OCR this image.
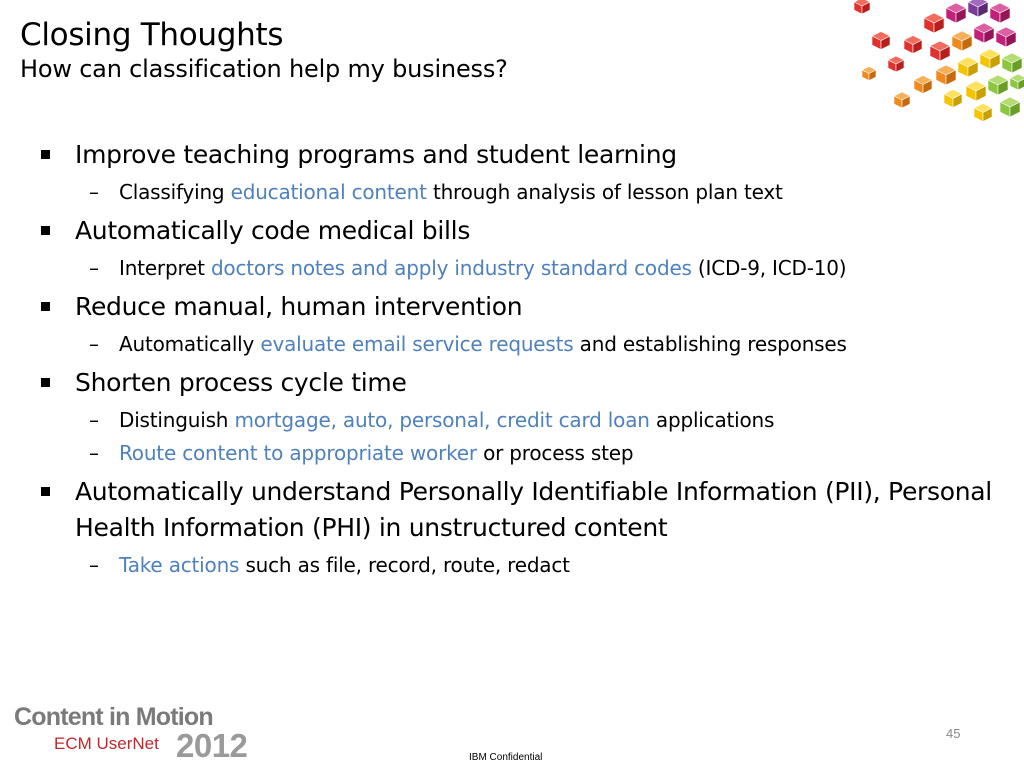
Closing Thoughts
How can classification help my business?
Improve teaching programs and student learning
– Classifying educational content through analysis of lesson plan text
Automatically code medical bills
– Interpret doctors notes and apply industry standard codes (ICD-9, ICD-10)
Reduce manual, human intervention
– Automatically evaluate email service requests and establishing responses
Shorten process cycle time
– Distinguish mortgage, auto, personal, credit card loan applications
– Route content to appropriate worker or process step
Automatically understand Personally Identifiable Information (PII), Personal Health Information (PHI) in unstructured content
– Take actions such as file, record, route, redact
Content in Motion
ECM UserNet 2012	45
IBM Confidential
